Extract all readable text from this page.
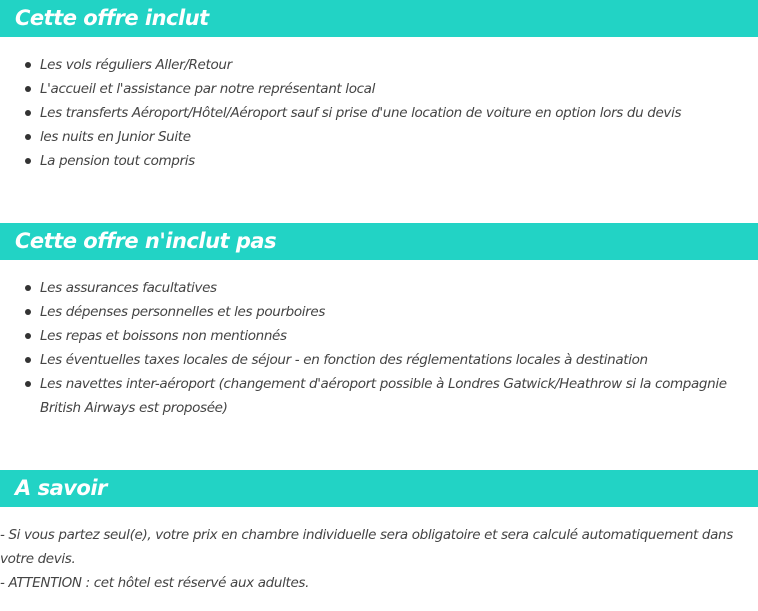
Cette offre inclut
Les vols réguliers Aller/Retour
L'accueil et l'assistance par notre représentant local
Les transferts Aéroport/Hôtel/Aéroport sauf si prise d'une location de voiture en option lors du devis
les nuits en Junior Suite
La pension tout compris
Cette offre n'inclut pas
Les assurances facultatives
Les dépenses personnelles et les pourboires
Les repas et boissons non mentionnés
Les éventuelles taxes locales de séjour - en fonction des réglementations locales à destination
Les navettes inter-aéroport (changement d'aéroport possible à Londres Gatwick/Heathrow si la compagnie British Airways est proposée)
A savoir

- Si vous partez seul(e), votre prix en chambre individuelle sera obligatoire et sera calculé automatiquement dans votre devis.

- ATTENTION : cet hôtel est réservé aux adultes.
